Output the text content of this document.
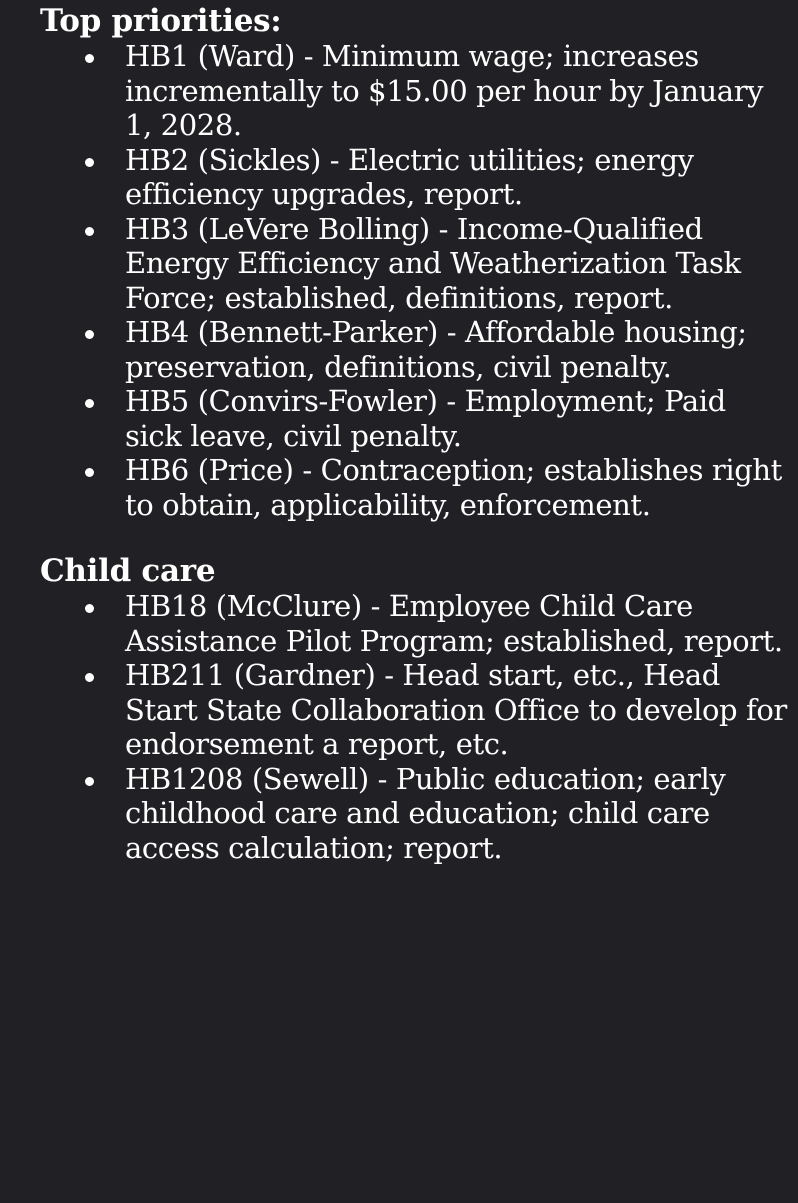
Top priorities:
HB1 (Ward) - Minimum wage; increases incrementally to $15.00 per hour by January 1, 2028.
HB2 (Sickles) - Electric utilities; energy efficiency upgrades, report.
HB3 (LeVere Bolling) - Income-Qualified Energy Efficiency and Weatherization Task Force; established, definitions, report.
HB4 (Bennett-Parker) - Affordable housing; preservation, definitions, civil penalty.
HB5 (Convirs-Fowler) - Employment; Paid sick leave, civil penalty.
HB6 (Price) - Contraception; establishes right to obtain, applicability, enforcement.
Child care
HB18 (McClure) - Employee Child Care Assistance Pilot Program; established, report.
HB211 (Gardner) - Head start, etc., Head Start State Collaboration Office to develop for endorsement a report, etc.
HB1208 (Sewell) - Public education; early childhood care and education; child care access calculation; report.
